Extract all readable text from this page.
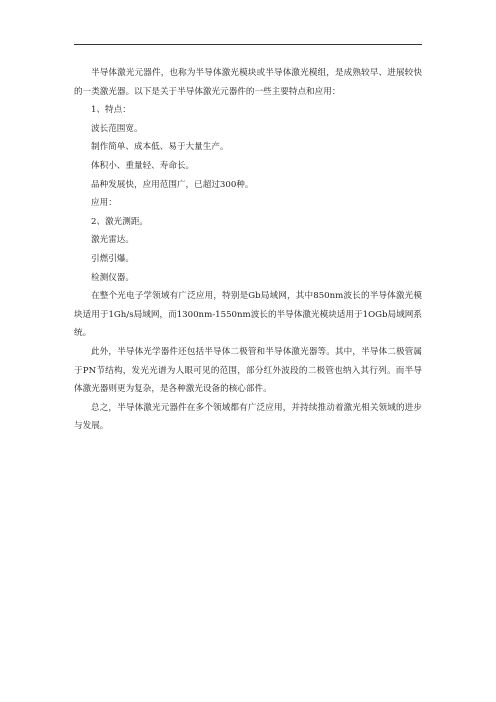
半导体激光元器件，也称为半导体激光模块或半导体激光模组，是成熟较早、进展较快的一类激光器。以下是关于半导体激光元器件的一些主要特点和应用：

1、特点：

波长范围宽。

制作简单、成本低、易于大量生产。

体积小、重量轻、寿命长。

品种发展快，应用范围广，已超过300种。

应用：

2、激光测距。

激光雷达。

引燃引爆。

检测仪器。

在整个光电子学领域有广泛应用，特别是Gb局域网，其中850nm波长的半导体激光模块适用于1Gh/s局域网，而1300nm-1550nm波长的半导体激光模块适用于1OGb局域网系统。

此外，半导体光学器件还包括半导体二极管和半导体激光器等。其中，半导体二极管属于PN节结构，发光光谱为人眼可见的范围，部分红外波段的二极管也纳入其行列。而半导体激光器则更为复杂，是各种激光设备的核心部件。

总之，半导体激光元器件在多个领域都有广泛应用，并持续推动着激光相关领域的进步与发展。
